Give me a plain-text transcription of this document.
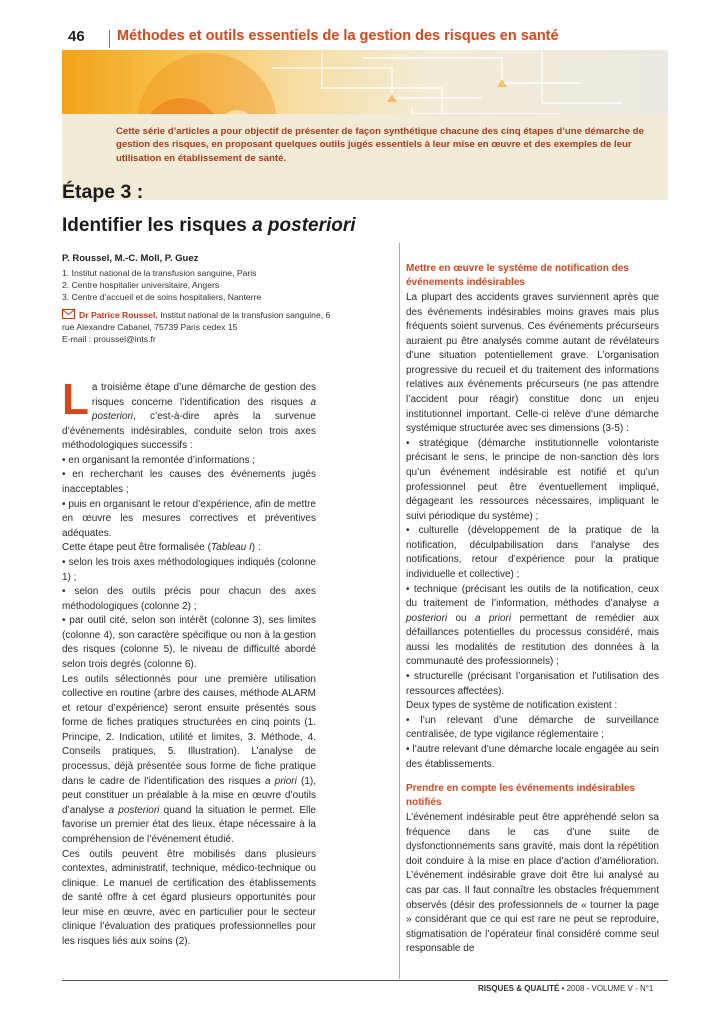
46 Méthodes et outils essentiels de la gestion des risques en santé
Cette série d’articles a pour objectif de présenter de façon synthétique chacune des cinq étapes d’une démarche de gestion des risques, en proposant quelques outils jugés essentiels à leur mise en œuvre et des exemples de leur utilisation en établissement de santé.
Étape 3 :
Identifier les risques a posteriori
P. Roussel, M.-C. Moll, P. Guez
1. Institut national de la transfusion sanguine, Paris
2. Centre hospitalier universitaire, Angers
3. Centre d’accueil et de soins hospitaliers, Nanterre
Dr Patrice Roussel, Institut national de la transfusion sanguine, 6 rue Alexandre Cabanel, 75739 Paris cedex 15
E-mail : proussel@ints.fr

La troisième étape d’une démarche de gestion des risques concerne l’identification des risques a posteriori, c’est-à-dire après la survenue d’événements indésirables, conduite selon trois axes méthodologiques successifs :

• en organisant la remontée d’informations ;

• en recherchant les causes des événements jugés inacceptables ;

• puis en organisant le retour d’expérience, afin de mettre en œuvre les mesures correctives et préventives adéquates.

Cette étape peut être formalisée (Tableau I) :

• selon les trois axes méthodologiques indiqués (colonne 1) ;

• selon des outils précis pour chacun des axes méthodologiques (colonne 2) ;

• par outil cité, selon son intérêt (colonne 3), ses limites (colonne 4), son caractère spécifique ou non à la gestion des risques (colonne 5), le niveau de difficulté abordé selon trois degrés (colonne 6).

Les outils sélectionnés pour une première utilisation collective en routine (arbre des causes, méthode ALARM et retour d’expérience) seront ensuite présentés sous forme de fiches pratiques structurées en cinq points (1. Principe, 2. Indication, utilité et limites, 3. Méthode, 4. Conseils pratiques, 5. Illustration). L’analyse de processus, déjà présentée sous forme de fiche pratique dans le cadre de l’identification des risques a priori (1), peut constituer un préalable à la mise en œuvre d’outils d’analyse a posteriori quand la situation le permet. Elle favorise un premier état des lieux, étape nécessaire à la compréhension de l’événement étudié.

Ces outils peuvent être mobilisés dans plusieurs contextes, administratif, technique, médico-technique ou clinique. Le manuel de certification des établissements de santé offre à cet égard plusieurs opportunités pour leur mise en œuvre, avec en particulier pour le secteur clinique l’évaluation des pratiques professionnelles pour les risques liés aux soins (2).

Mettre en œuvre le système de notification des événements indésirables

La plupart des accidents graves surviennent après que des événements indésirables moins graves mais plus fréquents soient survenus. Ces événements précurseurs auraient pu être analysés comme autant de révélateurs d’une situation potentiellement grave. L’organisation progressive du recueil et du traitement des informations relatives aux événements précurseurs (ne pas attendre l’accident pour réagir) constitue donc un enjeu institutionnel important. Celle-ci relève d’une démarche systémique structurée avec ses dimensions (3-5) :

• stratégique (démarche institutionnelle volontariste précisant le sens, le principe de non-sanction dès lors qu’un événement indésirable est notifié et qu’un professionnel peut être éventuellement impliqué, dégageant les ressources nécessaires, impliquant le suivi périodique du système) ;

• culturelle (développement de la pratique de la notification, déculpabilisation dans l’analyse des notifications, retour d’expérience pour la pratique individuelle et collective) ;

• technique (précisant les outils de la notification, ceux du traitement de l’information, méthodes d’analyse a posteriori ou a priori permettant de remédier aux défaillances potentielles du processus considéré, mais aussi les modalités de restitution des données à la communauté des professionnels) ;

• structurelle (précisant l’organisation et l’utilisation des ressources affectées).

Deux types de système de notification existent :

• l’un relevant d’une démarche de surveillance centralisée, de type vigilance réglementaire ;

• l’autre relevant d’une démarche locale engagée au sein des établissements.

Prendre en compte les événements indésirables notifiés

L’événement indésirable peut être appréhendé selon sa fréquence dans le cas d’une suite de dysfonctionnements sans gravité, mais dont la répétition doit conduire à la mise en place d’action d’amélioration. L’événement indésirable grave doit être lui analysé au cas par cas. Il faut connaître les obstacles fréquemment observés (désir des professionnels de « tourner la page » considérant que ce qui est rare ne peut se reproduire, stigmatisation de l’opérateur final considéré comme seul responsable de

RISQUES & QUALITÉ • 2008 - VOLUME V - N°1
